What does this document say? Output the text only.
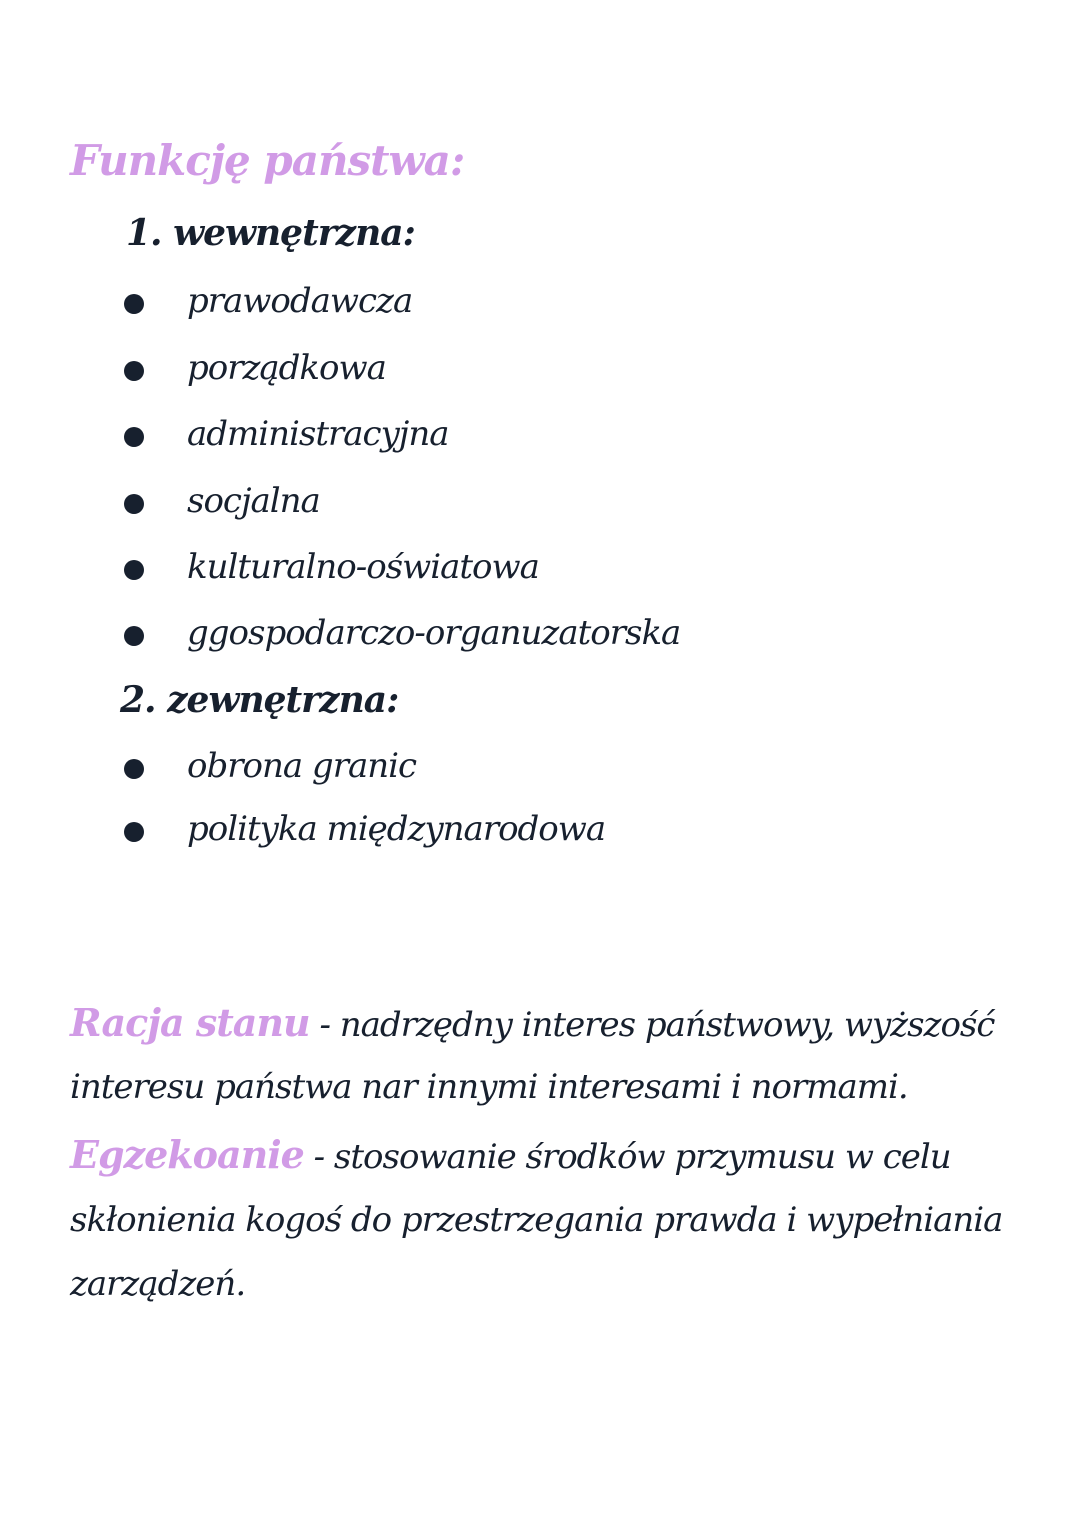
Funkcję państwa:
1. wewnętrzna:
prawodawcza
porządkowa
administracyjna
socjalna
kulturalno-oświatowa
ggospodarczo-organuzatorska
2. zewnętrzna:
obrona granic
polityka międzynarodowa
Racja stanu - nadrzędny interes państwowy, wyższość
interesu państwa nar innymi interesami i normami.
Egzekoanie - stosowanie środków przymusu w celu
skłonienia kogoś do przestrzegania prawda i wypełniania
zarządzeń.
